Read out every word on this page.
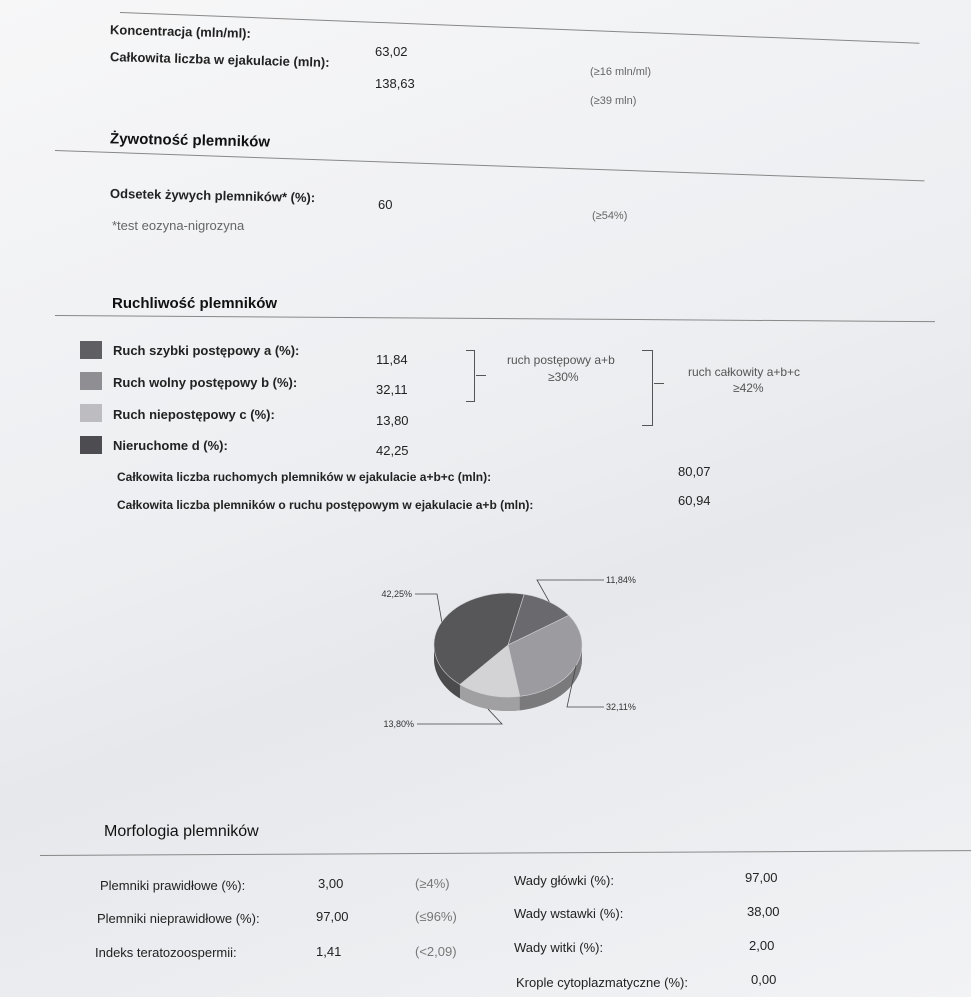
Koncentracja (mln/ml):
63,02
(≥16 mln/ml)
Całkowita liczba w ejakulacie (mln):
138,63
(≥39 mln)
Żywotność plemników
Odsetek żywych plemników* (%):	60
(≥54%)
*test eozyna-nigrozyna
Ruchliwość plemników
Ruch szybki postępowy a (%):
11,84
Ruch wolny postępowy b (%):	32,11
Ruch niepostępowy c (%):	13,80
Nieruchome d (%):	42,25
ruch postępowy a+b
≥30%	ruch całkowity a+b+c
≥42%
Całkowita liczba ruchomych plemników w ejakulacie a+b+c (mln):	80,07
Całkowita liczba plemników o ruchu postępowym w ejakulacie a+b (mln):	60,94
11,84%
32,11%
13,80%
42,25%
Morfologia plemników
Plemniki prawidłowe (%):	3,00	(≥4%)
Plemniki nieprawidłowe (%):	97,00	(≤96%)
Indeks teratozoospermii:	1,41	(<2,09)
Wady główki (%):	97,00
Wady wstawki (%):	38,00
Wady witki (%):	2,00
Krople cytoplazmatyczne (%):	0,00
